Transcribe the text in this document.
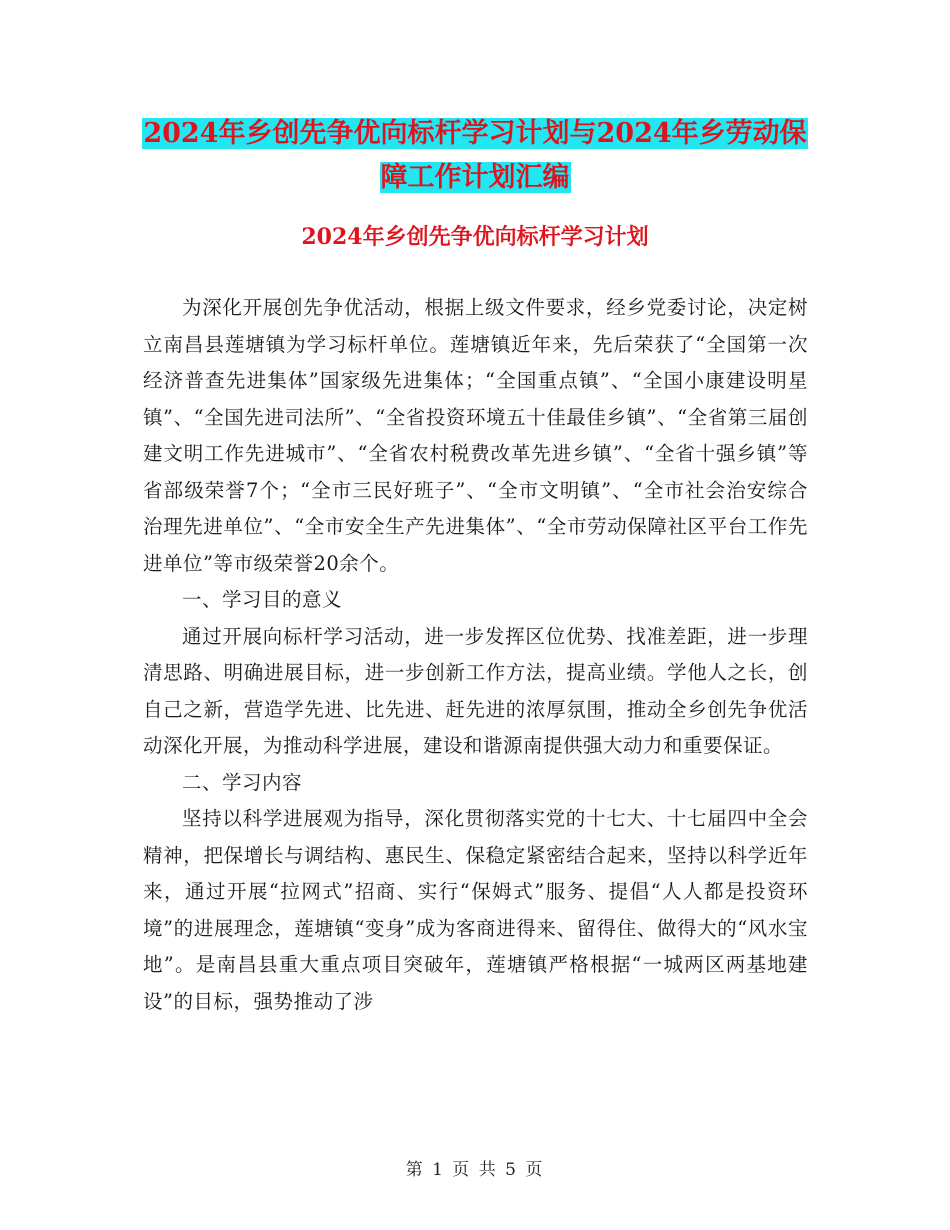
2024年乡创先争优向标杆学习计划与2024年乡劳动保
障工作计划汇编
2024年乡创先争优向标杆学习计划

为深化开展创先争优活动，根据上级文件要求，经乡党委讨论，决定树立南昌县莲塘镇为学习标杆单位。莲塘镇近年来，先后荣获了“全国第一次经济普查先进集体”国家级先进集体；“全国重点镇”、“全国小康建设明星镇”、“全国先进司法所”、“全省投资环境五十佳最佳乡镇”、“全省第三届创建文明工作先进城市”、“全省农村税费改革先进乡镇”、“全省十强乡镇”等省部级荣誉7个；“全市三民好班子”、“全市文明镇”、“全市社会治安综合治理先进单位”、“全市安全生产先进集体”、“全市劳动保障社区平台工作先进单位”等市级荣誉20余个。

一、学习目的意义

通过开展向标杆学习活动，进一步发挥区位优势、找准差距，进一步理清思路、明确进展目标，进一步创新工作方法，提高业绩。学他人之长，创自己之新，营造学先进、比先进、赶先进的浓厚氛围，推动全乡创先争优活动深化开展，为推动科学进展，建设和谐源南提供强大动力和重要保证。

二、学习内容

坚持以科学进展观为指导，深化贯彻落实党的十七大、十七届四中全会精神，把保增长与调结构、惠民生、保稳定紧密结合起来，坚持以科学近年来，通过开展“拉网式”招商、实行“保姆式”服务、提倡“人人都是投资环境”的进展理念，莲塘镇“变身”成为客商进得来、留得住、做得大的“风水宝地”。是南昌县重大重点项目突破年，莲塘镇严格根据“一城两区两基地建设”的目标，强势推动了涉

第 1 页 共 5 页
